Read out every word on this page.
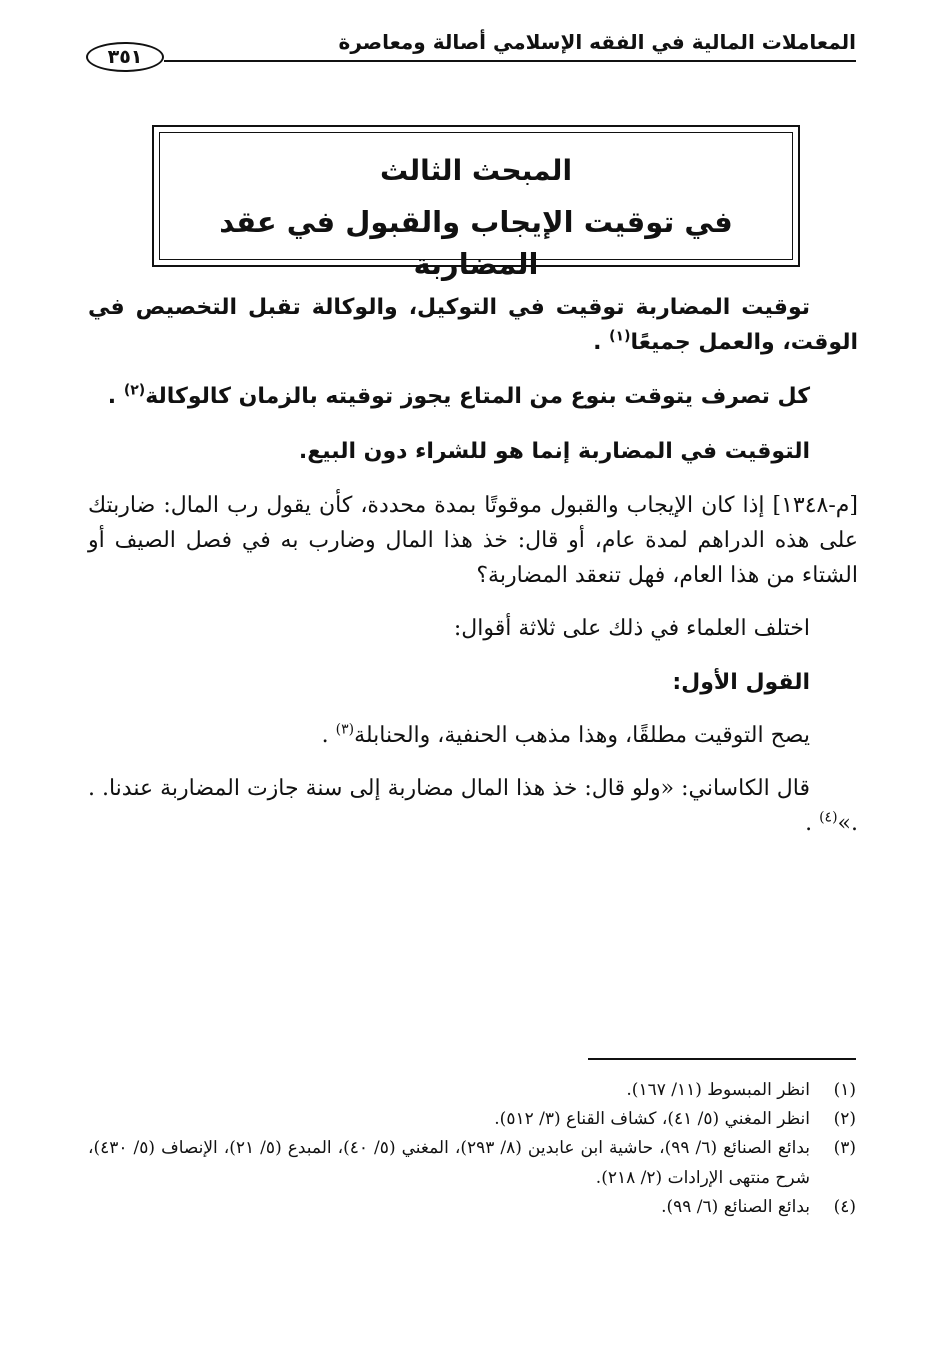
المعاملات المالية في الفقه الإسلامي أصالة ومعاصرة
٣٥١
المبحث الثالث
في توقيت الإيجاب والقبول في عقد المضاربة

توقيت المضاربة توقيت في التوكيل، والوكالة تقبل التخصيص في الوقت، والعمل جميعًا$^{(١)}$ .

كل تصرف يتوقت بنوع من المتاع يجوز توقيته بالزمان كالوكالة$^{(٢)}$ .

التوقيت في المضاربة إنما هو للشراء دون البيع.

[م-١٣٤٨] إذا كان الإيجاب والقبول موقوتًا بمدة محددة، كأن يقول رب المال: ضاربتك على هذه الدراهم لمدة عام، أو قال: خذ هذا المال وضارب به في فصل الصيف أو الشتاء من هذا العام، فهل تنعقد المضاربة؟

اختلف العلماء في ذلك على ثلاثة أقوال:

القول الأول:

يصح التوقيت مطلقًا، وهذا مذهب الحنفية، والحنابلة$^{(٣)}$ .

قال الكاساني: «ولو قال: خذ هذا المال مضاربة إلى سنة جازت المضاربة عندنا. . .»$^{(٤)}$ .

(١)
انظر المبسوط (١١/ ١٦٧).
(٢)
انظر المغني (٥/ ٤١)، كشاف القناع (٣/ ٥١٢).
(٣)
بدائع الصنائع (٦/ ٩٩)، حاشية ابن عابدين (٨/ ٢٩٣)، المغني (٥/ ٤٠)، المبدع (٥/ ٢١)، الإنصاف (٥/ ٤٣٠)، شرح منتهى الإرادات (٢/ ٢١٨).
(٤)
بدائع الصنائع (٦/ ٩٩).
